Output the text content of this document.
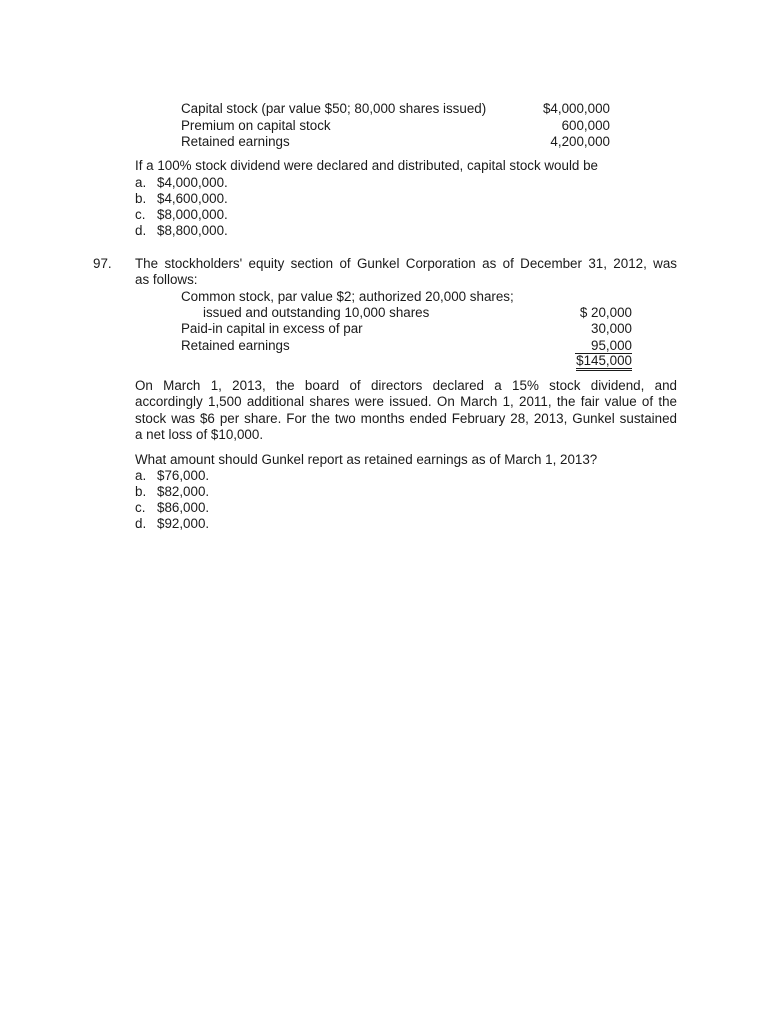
Capital stock (par value $50; 80,000 shares issued)	$4,000,000
Premium on capital stock	600,000
Retained earnings	4,200,000
If a 100% stock dividend were declared and distributed, capital stock would be
a. $4,000,000.
b. $4,600,000.
c. $8,000,000.
d. $8,800,000.
97. The stockholders' equity section of Gunkel Corporation as of December 31, 2012, was
as follows:
Common stock, par value $2; authorized 20,000 shares;
issued and outstanding 10,000 shares	$ 20,000
Paid-in capital in excess of par	30,000
Retained earnings	95,000
$145,000
On March 1, 2013, the board of directors declared a 15% stock dividend, and
accordingly 1,500 additional shares were issued. On March 1, 2011, the fair value of the
stock was $6 per share. For the two months ended February 28, 2013, Gunkel sustained
a net loss of $10,000.
What amount should Gunkel report as retained earnings as of March 1, 2013?
a. $76,000.
b. $82,000.
c. $86,000.
d. $92,000.
